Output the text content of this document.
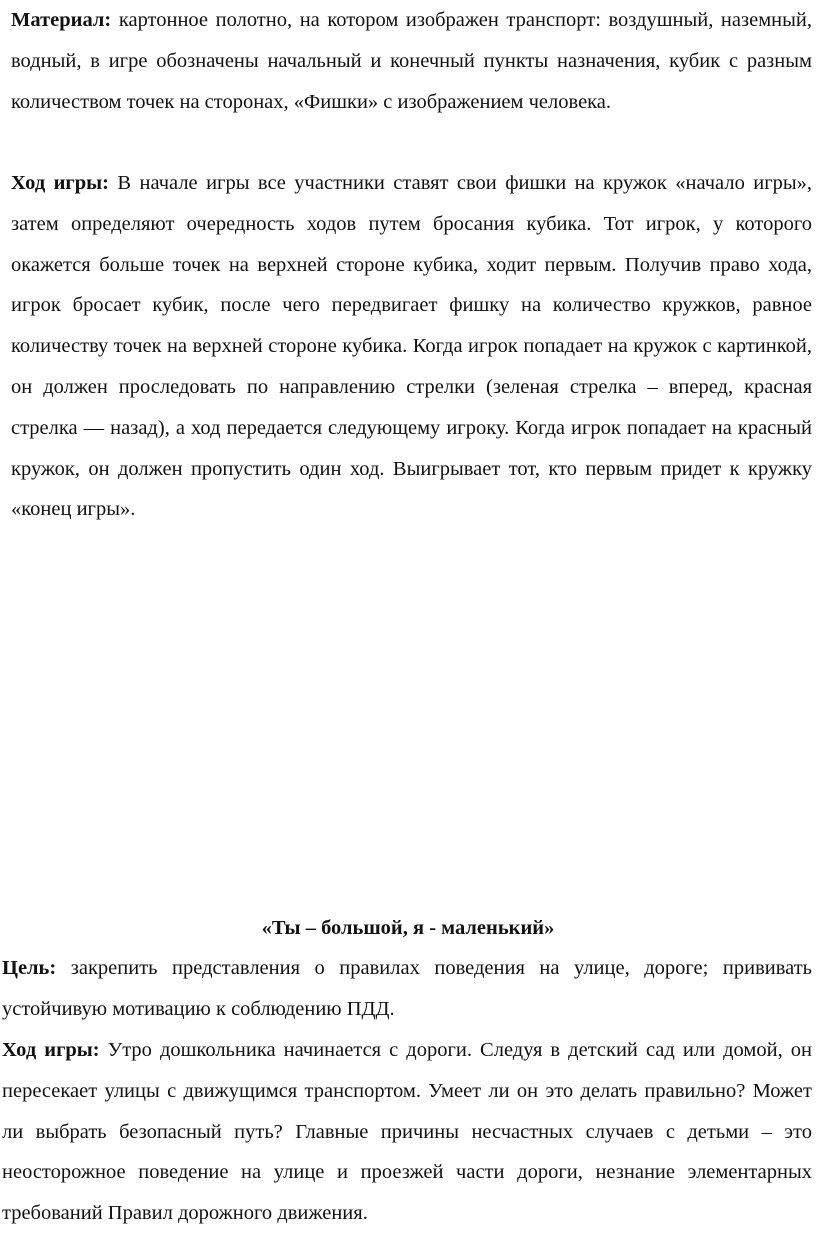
Материал: картонное полотно, на котором изображен транспорт: воздушный, наземный, водный, в игре обозначены начальный и конечный пункты назначения, кубик с разным количеством точек на сторонах, «Фишки» с изображением человека.

Ход игры: В начале игры все участники ставят свои фишки на кружок «начало игры», затем определяют очередность ходов путем бросания кубика. Тот игрок, у которого окажется больше точек на верхней стороне кубика, ходит первым. Получив право хода, игрок бросает кубик, после чего передвигает фишку на количество кружков, равное количеству точек на верхней стороне кубика. Когда игрок попадает на кружок с картинкой, он должен проследовать по направлению стрелки (зеленая стрелка – вперед, красная стрелка — назад), а ход передается следующему игроку. Когда игрок попадает на красный кружок, он должен пропустить один ход. Выигрывает тот, кто первым придет к кружку «конец игры».

«Ты – большой, я - маленький»

Цель: закрепить представления о правилах поведения на улице, дороге; прививать устойчивую мотивацию к соблюдению ПДД.

Ход игры: Утро дошкольника начинается с дороги. Следуя в детский сад или домой, он пересекает улицы с движущимся транспортом. Умеет ли он это делать правильно? Может ли выбрать безопасный путь? Главные причины несчастных случаев с детьми – это неосторожное поведение на улице и проезжей части дороги, незнание элементарных требований Правил дорожного движения.
